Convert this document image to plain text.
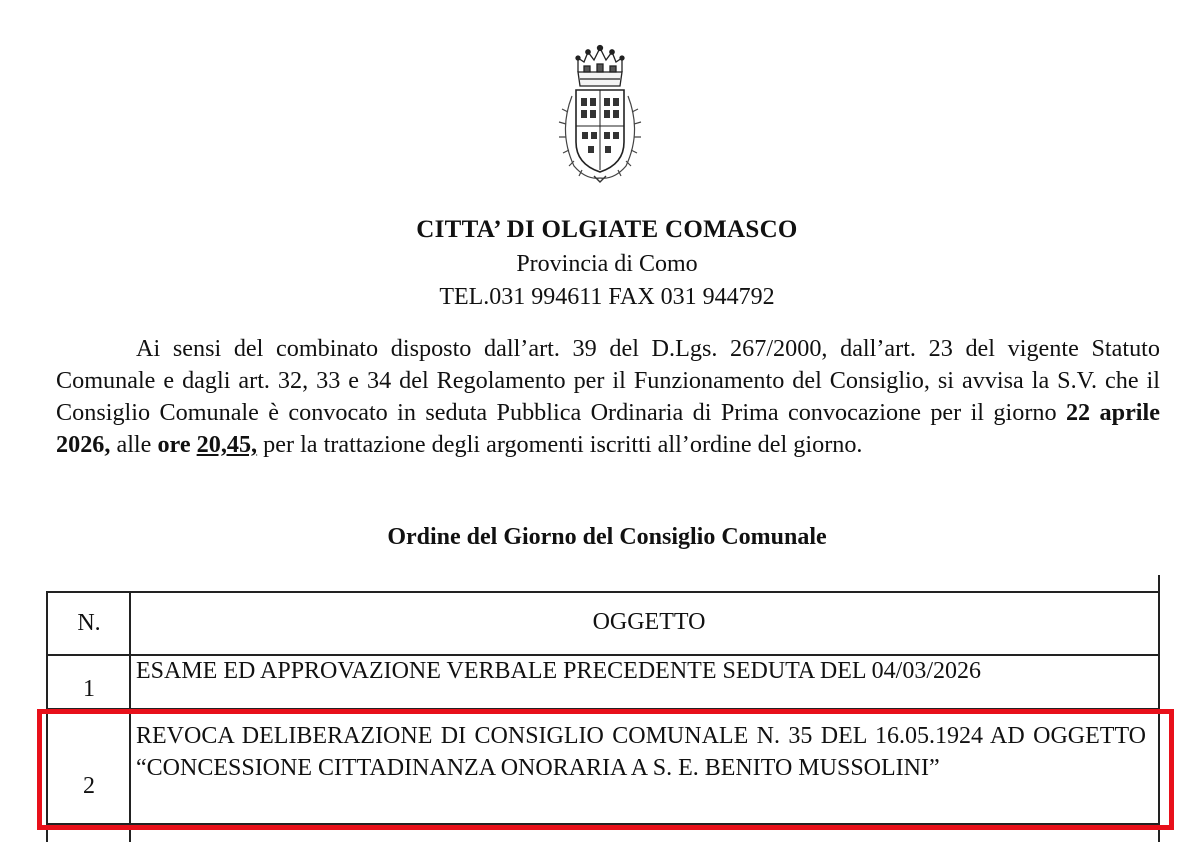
CITTA’ DI OLGIATE COMASCO
Provincia di Como
TEL.031 994611 FAX 031 944792

Ai sensi del combinato disposto dall’art. 39 del D.Lgs. 267/2000, dall’art. 23 del vigente Statuto Comunale e dagli art. 32, 33 e 34 del Regolamento per il Funzionamento del Consiglio, si avvisa la S.V. che il Consiglio Comunale è convocato in seduta Pubblica Ordinaria di Prima convocazione per il giorno 22 aprile 2026, alle ore 20,45, per la trattazione degli argomenti iscritti all’ordine del giorno.

Ordine del Giorno del Consiglio Comunale
N.	OGGETTO
1
ESAME ED APPROVAZIONE VERBALE PRECEDENTE SEDUTA DEL 04/03/2026
2
REVOCA DELIBERAZIONE DI CONSIGLIO COMUNALE N. 35 DEL 16.05.1924 AD OGGETTO “CONCESSIONE CITTADINANZA ONORARIA A S. E. BENITO MUSSOLINI”
